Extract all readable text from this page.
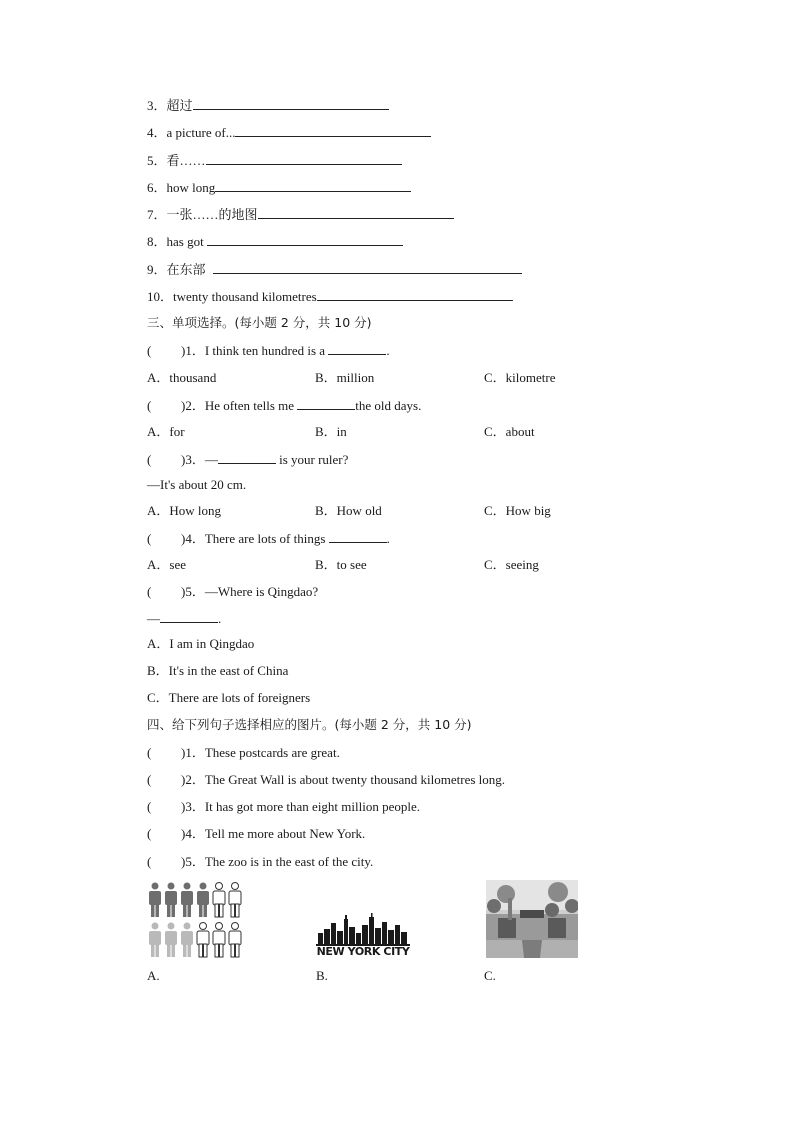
3．超过
4．a picture of...
5．看……
6．how long
7．一张……的地图
8．has got
9．在东部
10．twenty thousand kilometres
三、单项选择。(每小题 2 分，共 10 分)
( )1．I think ten hundred is a	.
A．thousand	B．million	C．kilometre
( )2．He often tells me	the old days.
A．for	B．in	C．about
( )3．—	is your ruler?
—It's about 20 cm.
A．How long	B．How old	C．How big
( )4．There are lots of things	.
A．see	B．to see	C．seeing
( )5．—Where is Qingdao?
—	.
A．I am in Qingdao
B．It's in the east of China
C．There are lots of foreigners
四、给下列句子选择相应的图片。(每小题 2 分，共 10 分)
( )1．These postcards are great.
( )2．The Great Wall is about twenty thousand kilometres long.
( )3．It has got more than eight million people.
( )4．Tell me more about New York.
( )5．The zoo is in the east of the city.
A.
NEW YORK CITY
B.	C.
